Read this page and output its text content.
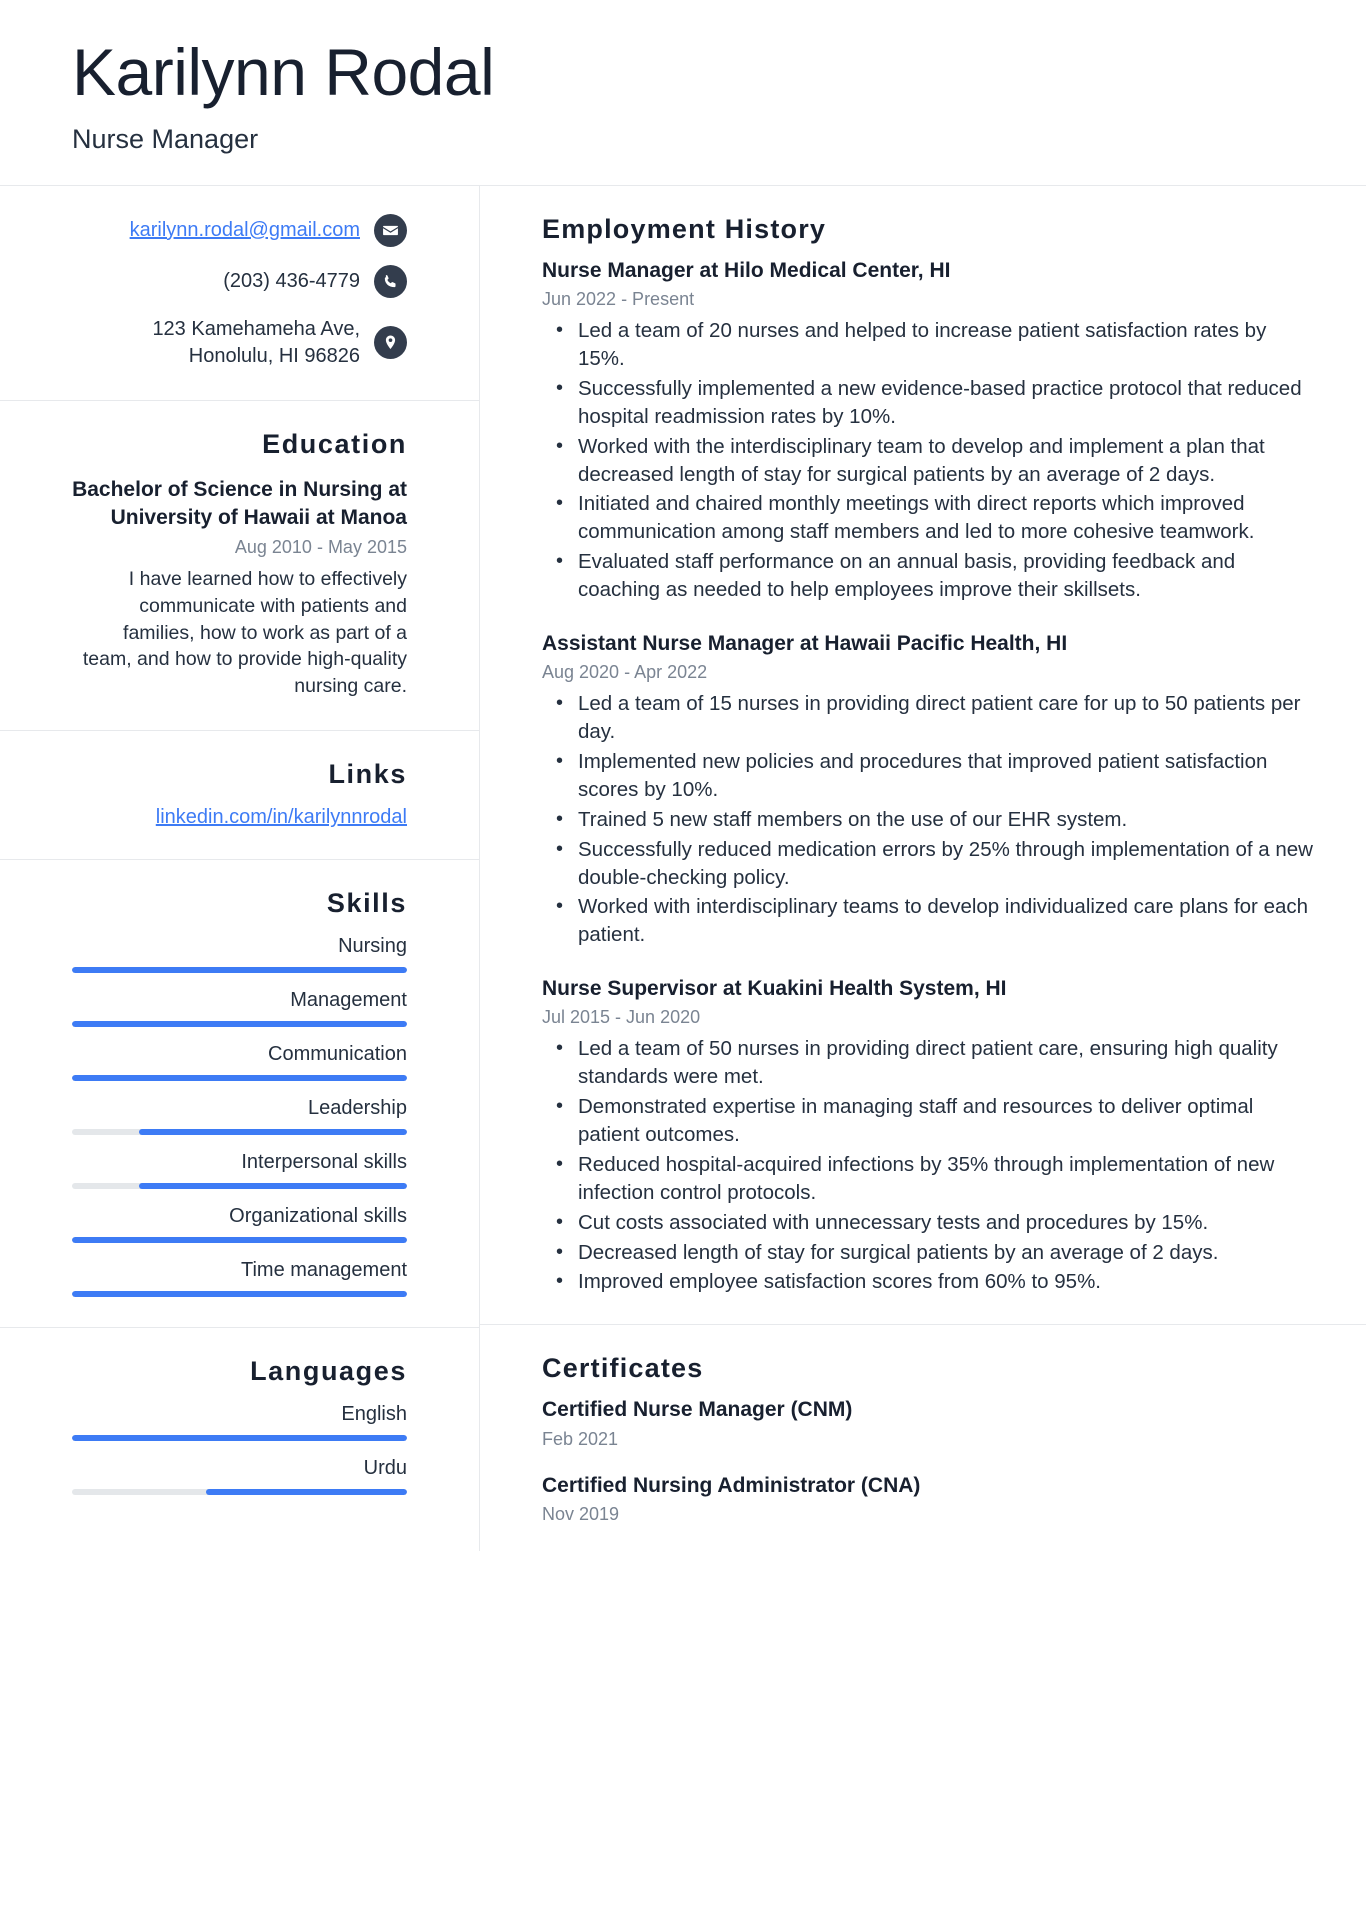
Karilynn Rodal
Nurse Manager
karilynn.rodal@gmail.com
(203) 436-4779
123 Kamehameha Ave,
Honolulu, HI 96826
Education
Bachelor of Science in Nursing at University of Hawaii at Manoa
Aug 2010 - May 2015
I have learned how to effectively communicate with patients and families, how to work as part of a team, and how to provide high-quality nursing care.
Links
linkedin.com/in/karilynnrodal
Skills
Nursing
Management
Communication
Leadership
Interpersonal skills
Organizational skills
Time management
Languages
English
Urdu
Employment History
Nurse Manager at Hilo Medical Center, HI
Jun 2022 - Present
• Led a team of 20 nurses and helped to increase patient satisfaction rates by 15%.
• Successfully implemented a new evidence-based practice protocol that reduced hospital readmission rates by 10%.
• Worked with the interdisciplinary team to develop and implement a plan that decreased length of stay for surgical patients by an average of 2 days.
• Initiated and chaired monthly meetings with direct reports which improved communication among staff members and led to more cohesive teamwork.
• Evaluated staff performance on an annual basis, providing feedback and coaching as needed to help employees improve their skillsets.
Assistant Nurse Manager at Hawaii Pacific Health, HI
Aug 2020 - Apr 2022
• Led a team of 15 nurses in providing direct patient care for up to 50 patients per day.
• Implemented new policies and procedures that improved patient satisfaction scores by 10%.
• Trained 5 new staff members on the use of our EHR system.
• Successfully reduced medication errors by 25% through implementation of a new double-checking policy.
• Worked with interdisciplinary teams to develop individualized care plans for each patient.
Nurse Supervisor at Kuakini Health System, HI
Jul 2015 - Jun 2020
• Led a team of 50 nurses in providing direct patient care, ensuring high quality standards were met.
• Demonstrated expertise in managing staff and resources to deliver optimal patient outcomes.
• Reduced hospital-acquired infections by 35% through implementation of new infection control protocols.
• Cut costs associated with unnecessary tests and procedures by 15%.
• Decreased length of stay for surgical patients by an average of 2 days.
• Improved employee satisfaction scores from 60% to 95%.
Certificates
Certified Nurse Manager (CNM)
Feb 2021
Certified Nursing Administrator (CNA)
Nov 2019
